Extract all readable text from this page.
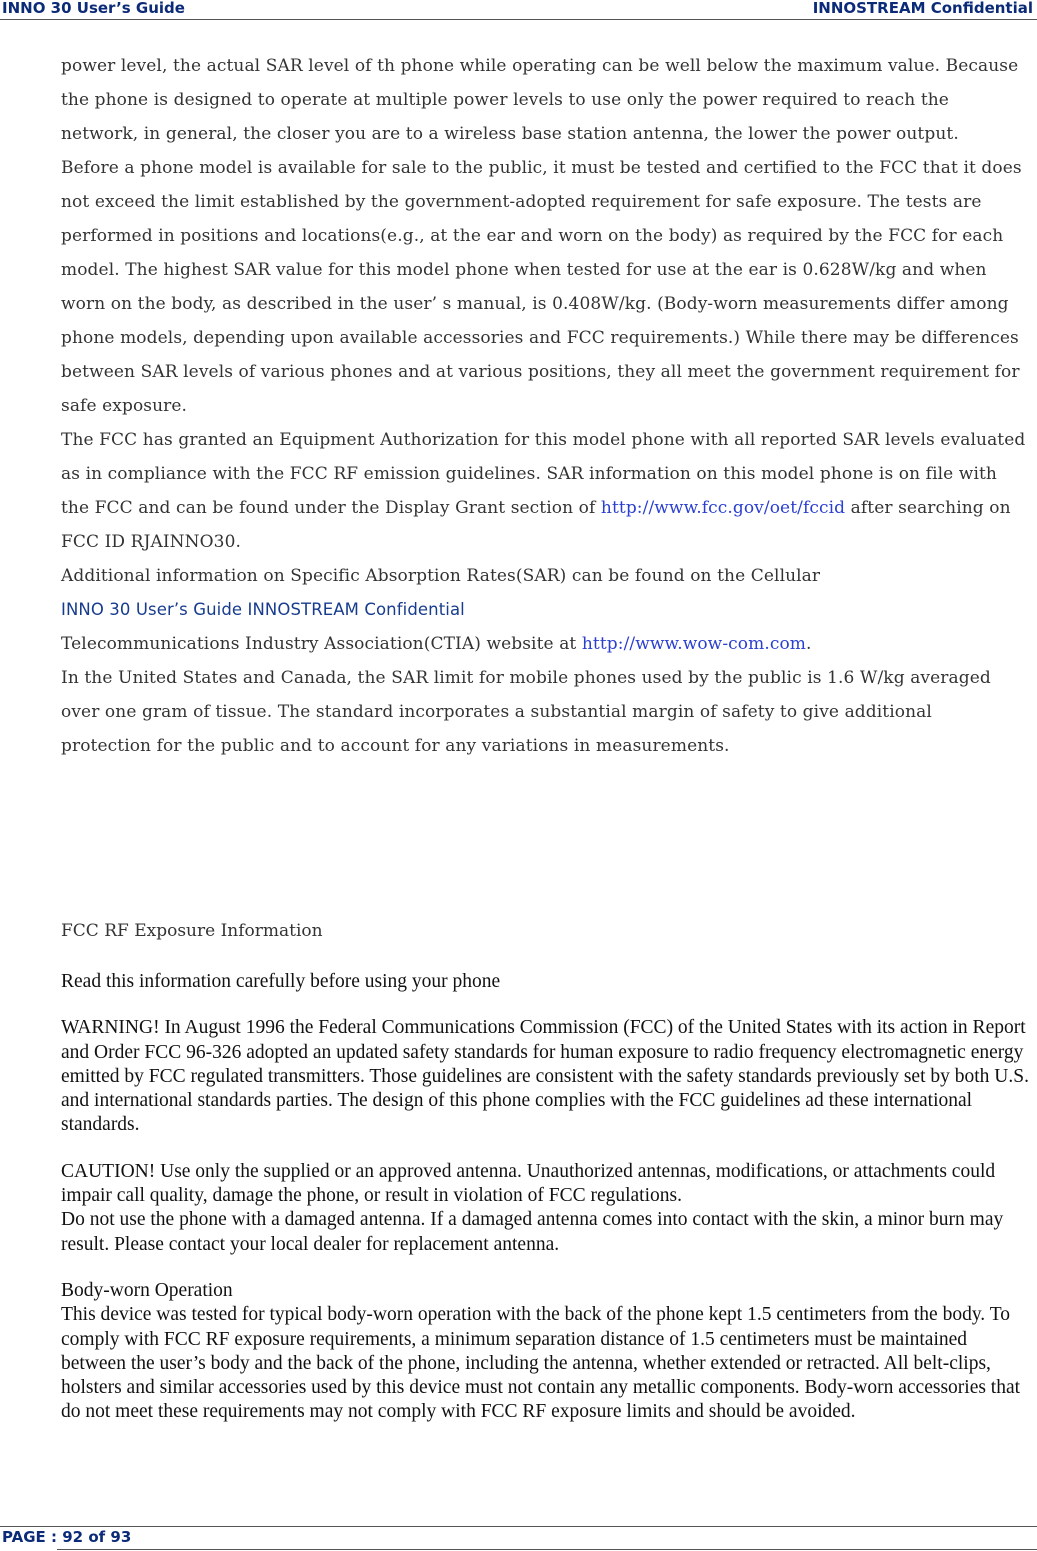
INNO 30 User’s Guide	INNOSTREAM Confidential

power level, the actual SAR level of th phone while operating can be well below the maximum value. Because the phone is designed to operate at multiple power levels to use only the power required to reach the network, in general, the closer you are to a wireless base station antenna, the lower the power output.

Before a phone model is available for sale to the public, it must be tested and certified to the FCC that it does not exceed the limit established by the government-adopted requirement for safe exposure. The tests are performed in positions and locations(e.g., at the ear and worn on the body) as required by the FCC for each model. The highest SAR value for this model phone when tested for use at the ear is 0.628W/kg and when worn on the body, as described in the user’ s manual, is 0.408W/kg. (Body-worn measurements differ among phone models, depending upon available accessories and FCC requirements.) While there may be differences between SAR levels of various phones and at various positions, they all meet the government requirement for safe exposure.

The FCC has granted an Equipment Authorization for this model phone with all reported SAR levels evaluated as in compliance with the FCC RF emission guidelines. SAR information on this model phone is on file with the FCC and can be found under the Display Grant section of http://www.fcc.gov/oet/fccid after searching on FCC ID RJAINNO30.

Additional information on Specific Absorption Rates(SAR) can be found on the Cellular

INNO 30 User’s Guide INNOSTREAM Confidential

Telecommunications Industry Association(CTIA) website at http://www.wow-com.com.

In the United States and Canada, the SAR limit for mobile phones used by the public is 1.6 W/kg averaged over one gram of tissue. The standard incorporates a substantial margin of safety to give additional protection for the public and to account for any variations in measurements.

FCC RF Exposure Information

Read this information carefully before using your phone

WARNING! In August 1996 the Federal Communications Commission (FCC) of the United States with its action in Report and Order FCC 96-326 adopted an updated safety standards for human exposure to radio frequency electromagnetic energy emitted by FCC regulated transmitters. Those guidelines are consistent with the safety standards previously set by both U.S. and international standards parties. The design of this phone complies with the FCC guidelines ad these international standards.

CAUTION! Use only the supplied or an approved antenna. Unauthorized antennas, modifications, or attachments could impair call quality, damage the phone, or result in violation of FCC regulations.

Do not use the phone with a damaged antenna. If a damaged antenna comes into contact with the skin, a minor burn may result. Please contact your local dealer for replacement antenna.

Body-worn Operation

This device was tested for typical body-worn operation with the back of the phone kept 1.5 centimeters from the body. To comply with FCC RF exposure requirements, a minimum separation distance of 1.5 centimeters must be maintained between the user’s body and the back of the phone, including the antenna, whether extended or retracted. All belt-clips, holsters and similar accessories used by this device must not contain any metallic components. Body-worn accessories that do not meet these requirements may not comply with FCC RF exposure limits and should be avoided.

PAGE : 92 of 93
